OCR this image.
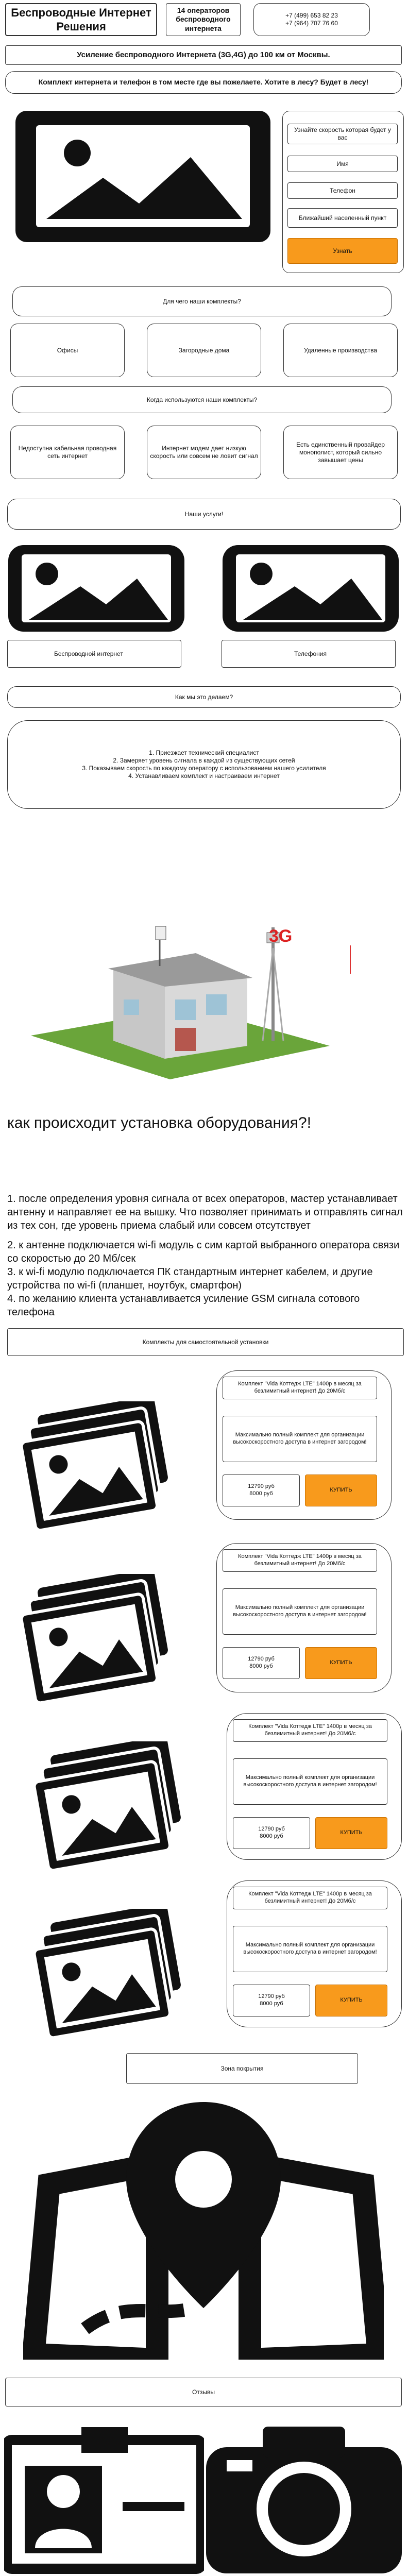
Беспроводные Интернет Решения
14 операторов беспроводного интернета
+7 (499) 653 82 23
+7 (964) 707 76 60
Усиление беспроводного Интернета (3G,4G) до 100 км от Москвы.
Комплект интернета и телефон в том месте где вы пожелаете. Хотите в лесу? Будет в лесу!
Узнайте скорость которая будет у вас
Имя
Телефон
Ближайший населенный пункт
Узнать
Для чего наши комплекты?
Офисы	Загородные дома	Удаленные производства
Когда используются наши комплекты?
Недоступна кабельная проводная сеть интернет
Интернет модем дает низкую скорость или совсем не ловит сигнал
Есть единственный провайдер монополист, который сильно завышает цены
Наши услуги!
Беспроводной интернет	Телефония
Как мы это делаем?
1. Приезжает технический специалист
2. Замеряет уровень сигнала в каждой из существующих сетей
3. Показываем скорость по каждому оператору с использованием нашего усилителя
4. Устанавливаем комплект и настраиваем интернет
3G
как происходит установка оборудования?!

1. после определения уровня сигнала от всех операторов, мастер устанавливает антенну и направляет ее на вышку. Что позволяет принимать и отправлять сигнал из тех сон, где уровень приема слабый или совсем отсутствует

2. к антенне подключается wi-fi модуль с сим картой выбранного оператора связи со скоростью до 20 Мб/сек

3. к wi-fi модулю подключается ПК стандартным интернет кабелем, и другие устройства по wi-fi (планшет, ноутбук, смартфон)

4. по желанию клиента устанавливается усиление GSM сигнала сотового телефона

Комплекты для самостоятельной установки
Комплект "Vida Коттедж LTE" 1400р в месяц за безлимитный интернет! До 20Мб/с
Максимально полный комплект для организации высокоскоростного доступа в интернет загородом!
12790 руб
8000 руб
КУПИТЬ
Комплект "Vida Коттедж LTE" 1400р в месяц за безлимитный интернет! До 20Мб/с
Максимально полный комплект для организации высокоскоростного доступа в интернет загородом!
12790 руб
8000 руб
КУПИТЬ
Комплект "Vida Коттедж LTE" 1400р в месяц за безлимитный интернет! До 20Мб/с
Максимально полный комплект для организации высокоскоростного доступа в интернет загородом!
12790 руб
8000 руб
КУПИТЬ
Комплект "Vida Коттедж LTE" 1400р в месяц за безлимитный интернет! До 20Мб/с
Максимально полный комплект для организации высокоскоростного доступа в интернет загородом!
12790 руб
8000 руб
КУПИТЬ
Зона покрытия
Отзывы
